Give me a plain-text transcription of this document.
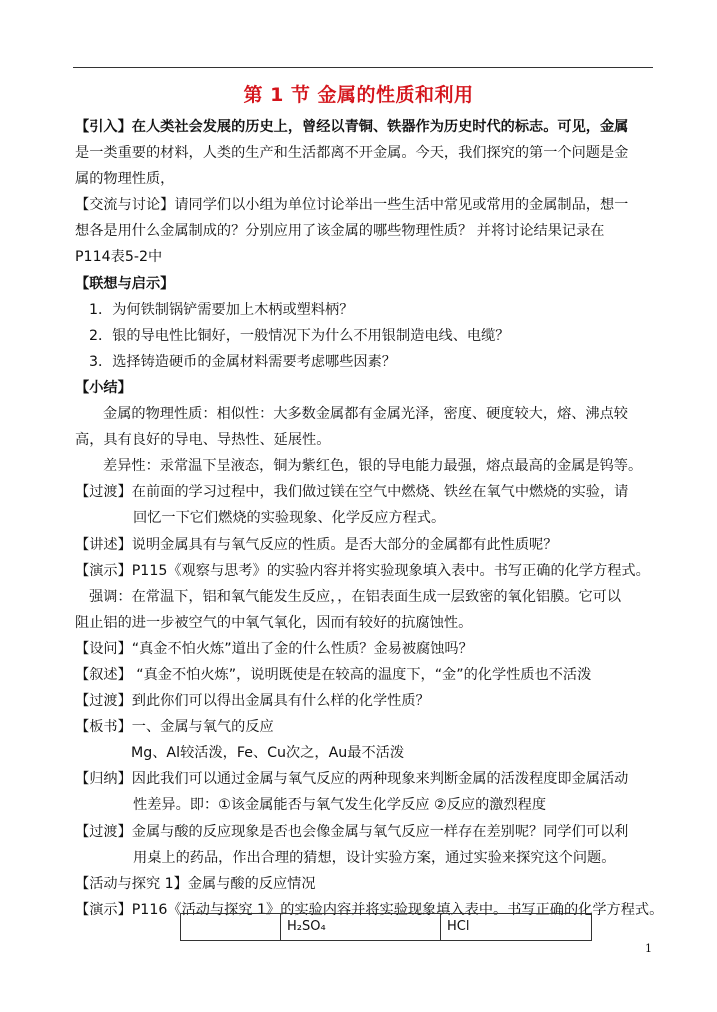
第 1 节 金属的性质和利用
【引入】在人类社会发展的历史上，曾经以青铜、铁器作为历史时代的标志。可见，金属
是一类重要的材料，人类的生产和生活都离不开金属。今天，我们探究的第一个问题是金
属的物理性质，
【交流与讨论】请同学们以小组为单位讨论举出一些生活中常见或常用的金属制品，想一
想各是用什么金属制成的？分别应用了该金属的哪些物理性质？ 并将讨论结果记录在
P114表5-2中
【联想与启示】
1．为何铁制锅铲需要加上木柄或塑料柄？
2．银的导电性比铜好，一般情况下为什么不用银制造电线、电缆？
3．选择铸造硬币的金属材料需要考虑哪些因素？
【小结】
金属的物理性质：相似性：大多数金属都有金属光泽，密度、硬度较大，熔、沸点较
高，具有良好的导电、导热性、延展性。
差异性：汞常温下呈液态，铜为紫红色，银的导电能力最强，熔点最高的金属是钨等。
【过渡】在前面的学习过程中，我们做过镁在空气中燃烧、铁丝在氧气中燃烧的实验，请
回忆一下它们燃烧的实验现象、化学反应方程式。
【讲述】说明金属具有与氧气反应的性质。是否大部分的金属都有此性质呢？
【演示】P115《观察与思考》的实验内容并将实验现象填入表中。书写正确的化学方程式。
强调：在常温下，铝和氧气能发生反应，，在铝表面生成一层致密的氧化铝膜。它可以
阻止铝的进一步被空气的中氧气氧化，因而有较好的抗腐蚀性。
【设问】“真金不怕火炼”道出了金的什么性质？金易被腐蚀吗？
【叙述】 “真金不怕火炼”，说明既使是在较高的温度下，“金”的化学性质也不活泼
【过渡】到此你们可以得出金属具有什么样的化学性质？
【板书】一、金属与氧气的反应
Mg、Al较活泼，Fe、Cu次之，Au最不活泼
【归纳】因此我们可以通过金属与氧气反应的两种现象来判断金属的活泼程度即金属活动
性差异。即：①该金属能否与氧气发生化学反应 ②反应的激烈程度
【过渡】金属与酸的反应现象是否也会像金属与氧气反应一样存在差别呢？同学们可以利
用桌上的药品，作出合理的猜想，设计实验方案，通过实验来探究这个问题。
【活动与探究 1】金属与酸的反应情况
【演示】P116《活动与探究 1》的实验内容并将实验现象填入表中。书写正确的化学方程式。
H₂SO₄	HCl
1
